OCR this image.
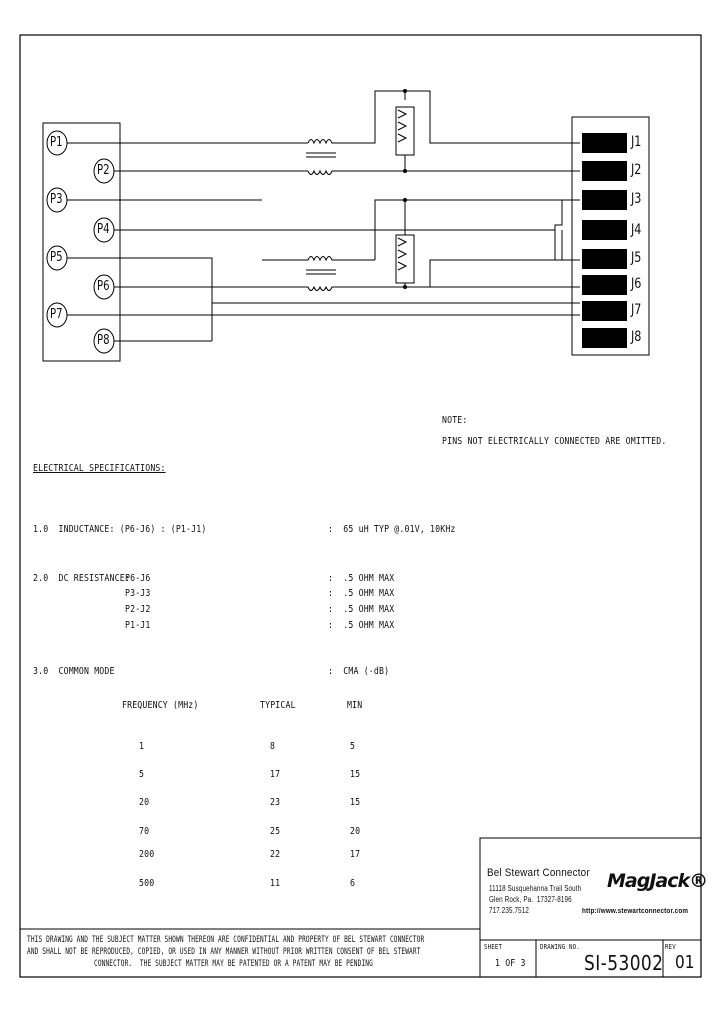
P1
P2
P3
P4
P5
P6
P7
P8
J1
J2
J3
J4
J5
J6
J7
J8
NOTE:
PINS NOT ELECTRICALLY CONNECTED ARE OMITTED.
ELECTRICAL SPECIFICATIONS:
1.0  INDUCTANCE: (P6-J6) : (P1-J1)	:  65 uH TYP @.01V, 10KHz
2.0  DC RESISTANCE:
P6-J6	:  .5 OHM MAX
P3-J3	:  .5 OHM MAX
P2-J2	:  .5 OHM MAX
P1-J1	:  .5 OHM MAX
3.0  COMMON MODE	:  CMA (-dB)
FREQUENCY (MHz)	TYPICAL	MIN
1	8	5
5	17	15
20	23	15
70	25	20
200	22	17
500	11	6
Bel Stewart Connector
11118 Susquehanna Trail South
Glen Rock, Pa.  17327-8196
717.235.7512
MagJack®
http://www.stewartconnector.com
THIS DRAWING AND THE SUBJECT MATTER SHOWN THEREON ARE CONFIDENTIAL AND PROPERTY OF BEL STEWART CONNECTOR
AND SHALL NOT BE REPRODUCED, COPIED, OR USED IN ANY MANNER WITHOUT PRIOR WRITTEN CONSENT OF BEL STEWART
CONNECTOR.  THE SUBJECT MATTER MAY BE PATENTED OR A PATENT MAY BE PENDING
SHEET
1 OF 3
DRAWING NO.
SI-53002
REV
01
